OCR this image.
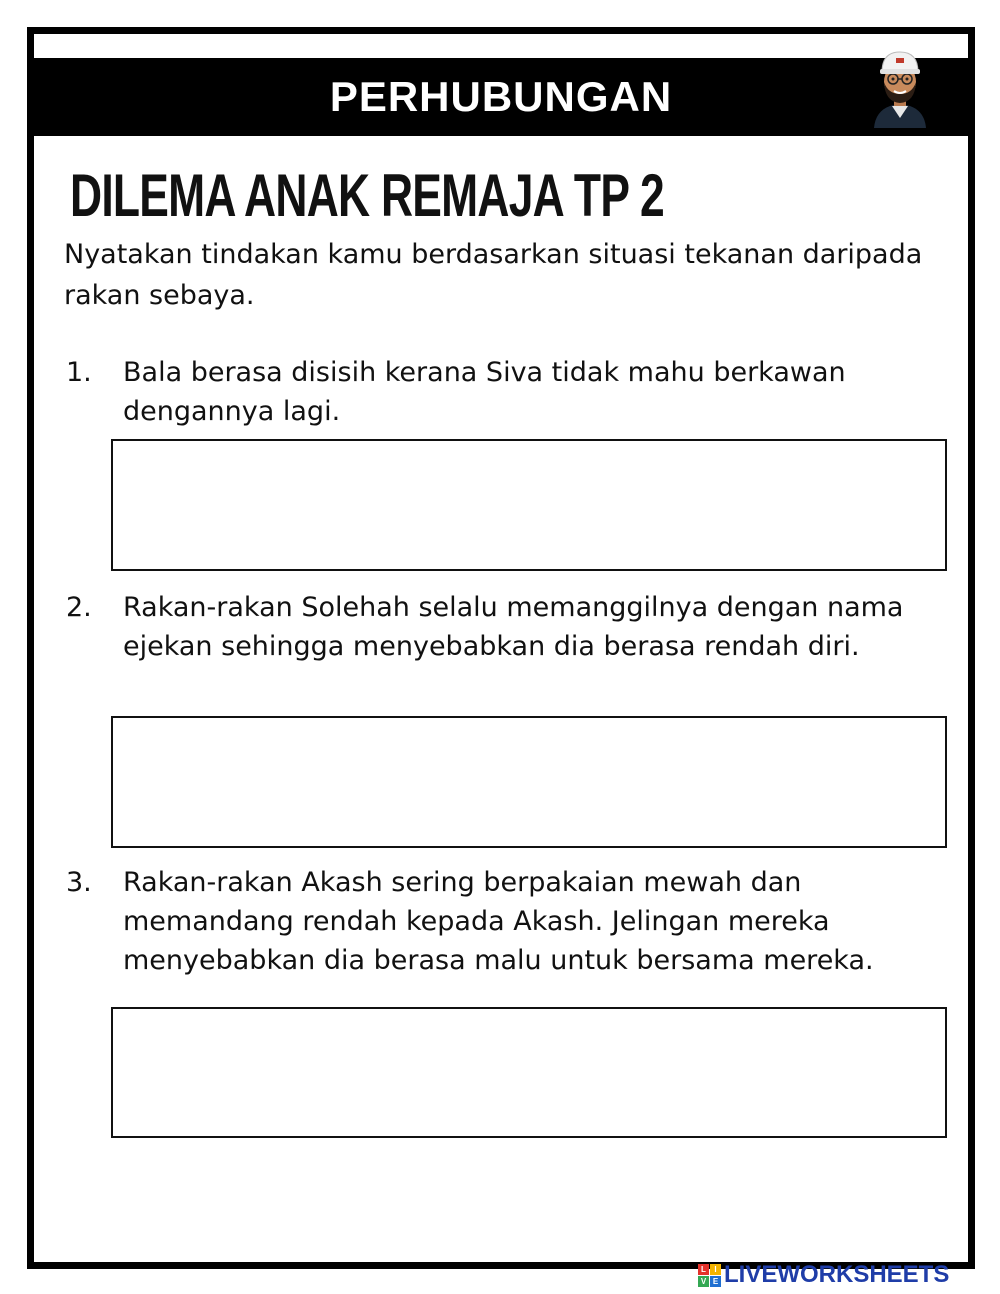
PERHUBUNGAN
DILEMA ANAK REMAJA TP 2
Nyatakan tindakan kamu berdasarkan situasi tekanan daripada rakan sebaya.
1.	Bala berasa disisih kerana Siva tidak mahu berkawan dengannya lagi.
2.	Rakan-rakan Solehah selalu memanggilnya dengan nama ejekan sehingga menyebabkan dia berasa rendah diri.
3.	Rakan-rakan Akash sering berpakaian mewah dan memandang rendah kepada Akash. Jelingan mereka menyebabkan dia berasa malu untuk bersama mereka.
L	I
V E LIVEWORKSHEETS
